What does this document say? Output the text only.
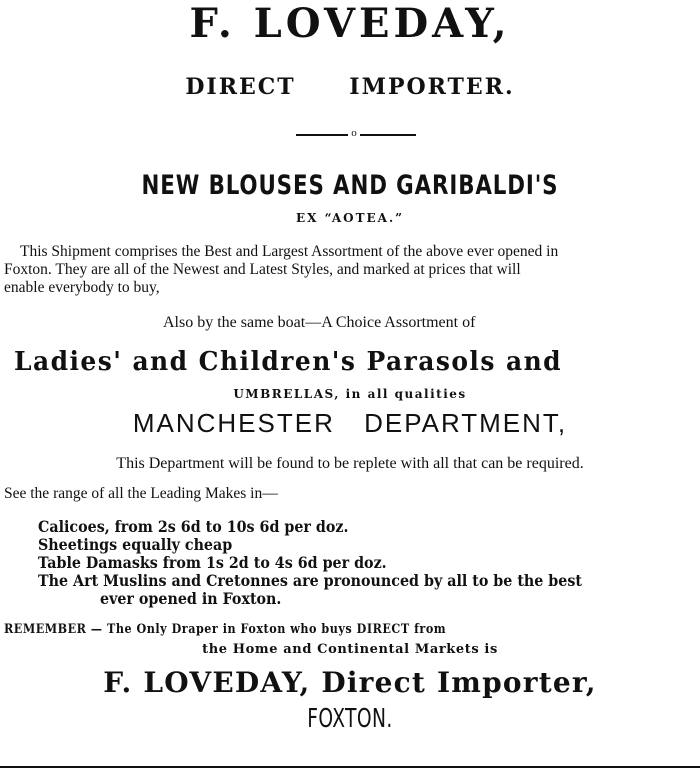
F. LOVEDAY,
DIRECT IMPORTER.
o
NEW BLOUSES AND GARIBALDI'S
EX “AOTEA.”
This Shipment comprises the Best and Largest Assortment of the above ever opened in
Foxton. They are all of the Newest and Latest Styles, and marked at prices that will
enable everybody to buy,
Also by the same boat—A Choice Assortment of
Ladies' and Children's Parasols and
UMBRELLAS, in all qualities
MANCHESTER DEPARTMENT,
This Department will be found to be replete with all that can be required.
See the range of all the Leading Makes in—
Calicoes, from 2s 6d to 10s 6d per doz.
Sheetings equally cheap
Table Damasks from 1s 2d to 4s 6d per doz.
The Art Muslins and Cretonnes are pronounced by all to be the best
ever opened in Foxton.
REMEMBER — The Only Draper in Foxton who buys DIRECT from
the Home and Continental Markets is
F. LOVEDAY, Direct Importer,
FOXTON.
